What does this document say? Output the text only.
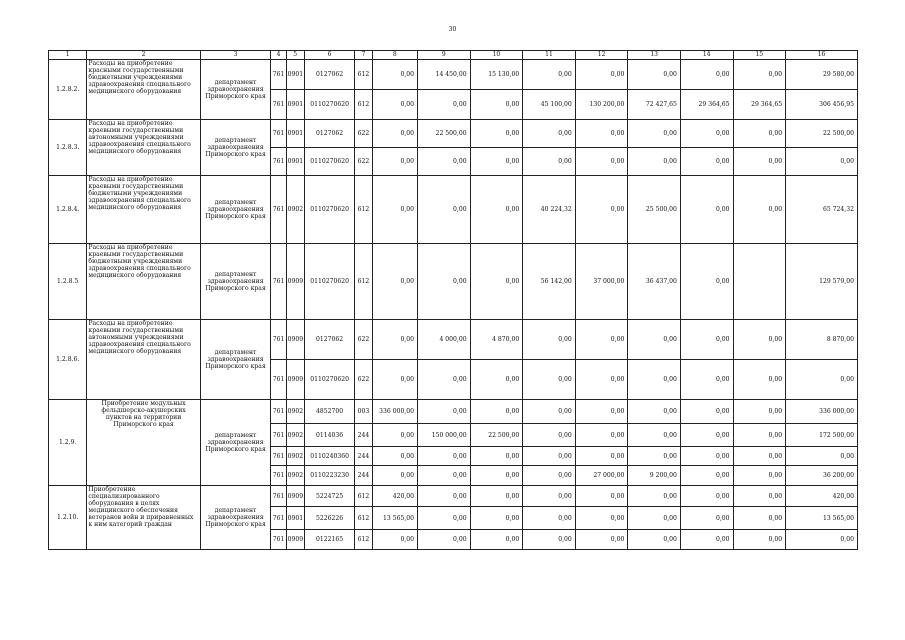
30
1	2	3	4	5	6	7	8	9	10	11	12	13	14	15	16
1.2.8.2.	Расходы на приобретение красными государственными бюджетными учреждениями здравоохранения специального медицинского оборудования	департамент здравоохранения Приморского края	761	0901	0127062	612	0,00	14 450,00	15 130,00	0,00	0,00	0,00	0,00	0,00	29 580,00
			761	0901	0110270620	612	0,00	0,00	0,00	45 100,00	130 200,00	72 427,65	29 364,65	29 364,65	306 456,95
1.2.8.3.	Расходы на приобретение краевыми государственными автономными учреждениями здравоохранения специального медицинского оборудования	департамент здравоохранения Приморского края	761	0901	0127062	622	0,00	22 500,00	0,00	0,00	0,00	0,00	0,00	0,00	22 500,00
			761	0901	0110270620	622	0,00	0,00	0,00	0,00	0,00	0,00	0,00	0,00	0,00
1.2.8.4.	Расходы на приобретение краевыми государственными бюджетными учреждениями здравоохранения специального медицинского оборудования	департамент здравоохранения Приморского края	761	0902	0110270620	612	0,00	0,00	0,00	40 224,32	0,00	25 500,00	0,00	0,00	65 724,32
1.2.8.5	Расходы на приобретение краевыми государственными бюджетными учреждениями здравоохранения специального медицинского оборудования	департамент здравоохранения Приморского края	761	0909	0110270620	612	0,00	0,00	0,00	56 142,00	37 000,00	36 437,00	0,00		129 579,00
1.2.8.6.	Расходы на приобретение краевыми государственными автономными учреждениями здравоохранения специального медицинского оборудования	департамент здравоохранения Приморского края	761	0909	0127062	622	0,00	4 000,00	4 870,00	0,00	0,00	0,00	0,00	0,00	8 870,00
			761	0909	0110270620	622	0,00	0,00	0,00	0,00	0,00	0,00	0,00	0,00	0,00
1.2.9.	Приобретение модульных фельдшерско-акушерских пунктов на территории Приморского края	департамент здравоохранения Приморского края	761	0902	4852700	003	336 000,00	0,00	0,00	0,00	0,00	0,00	0,00	0,00	336 000,00
			761	0902	0114036	244	0,00	150 000,00	22 500,00	0,00	0,00	0,00	0,00	0,00	172 500,00
			761	0902	0110240360	244	0,00	0,00	0,00	0,00	0,00	0,00	0,00	0,00	0,00
			761	0902	0110223230	244	0,00	0,00	0,00	0,00	27 000,00	9 200,00	0,00	0,00	36 200,00
1.2.10.	Приобретение специализированного оборудования в целях медицинского обеспечения ветеранов войн и приравненных к ним категорий граждан	департамент здравоохранения Приморского края	761	0909	5224725	612	420,00	0,00	0,00	0,00	0,00	0,00	0,00	0,00	420,00
			761	0901	5226226	612	13 565,00	0,00	0,00	0,00	0,00	0,00	0,00	0,00	13 565,00
			761	0909	0122165	612	0,00	0,00	0,00	0,00	0,00	0,00	0,00	0,00	0,00
